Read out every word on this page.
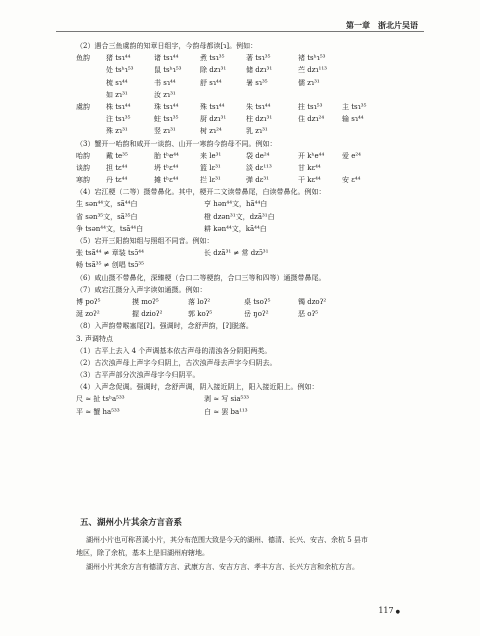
第一章　浙北片吴语
（2）遇合三鱼虞韵的知章日组字，今韵母都读[ɿ]。例如：
鱼韵 猪 tsɿ⁴⁴	诸 tsɿ⁴⁴	煮 tsɿ³⁵	著 tsɿ³⁵	褚 tsʰɿ⁵³
处 tsʰɿ⁵³	鼠 tsʰɿ⁵³	除 dzɿ³¹	储 dzɿ³¹	苎 dzɿ¹¹³
梳 sɿ⁴⁴	书 sɿ⁴⁴	舒 sɿ⁴⁴	暑 sɿ³⁵	儒 zɿ³¹
如 zɿ³¹	汝 zɿ³¹
虞韵 株 tsɿ⁴⁴	珠 tsɿ⁴⁴	殊 tsɿ⁴⁴	朱 tsɿ⁴⁴	拄 tsɿ⁵³	主 tsɿ³⁵
注 tsɿ³⁵	蛀 tsɿ³⁵	厨 dzɿ³¹	柱 dzɿ³¹	住 dzɿ²⁴	输 sɿ⁴⁴
殊 zɿ³¹	竖 zɿ³¹	树 zɿ²⁴	乳 zɿ³¹
（3）蟹开一咍韵和咸开一谈韵、山开一寒韵今韵母不同。例如：
咍韵 戴 te³⁵	胎 tʰe⁴⁴	来 le³¹	袋 de²⁴	开 kʰe⁴⁴	爱 e²⁴
谈韵 担 tɛ⁴⁴	坍 tʰɛ⁴⁴	篮 lɛ³¹	淡 dɛ¹¹³	甘 kɛ⁴⁴
寒韵 丹 tɛ⁴⁴	摊 tʰɛ⁴⁴	拦 lɛ³¹	弹 dɛ³¹	干 kɛ⁴⁴	安 ɛ⁴⁴
（4）宕江梗（二等）摄带鼻化。其中，梗开二文读带鼻尾，白读带鼻化。例如：
生 sən⁴⁴文，sã⁴⁴白	亨 hən⁴⁴文，hã⁴⁴白
省 sən³⁵文，sã³⁵白	橙 dzən³¹文，dzã³¹白
争 tsən⁴⁴文，tsã⁴⁴白	耕 kən⁴⁴文，kã⁴⁴白
（5）宕开三阳韵知组与照组不同音。例如：
张 tsã⁴⁴ ≠ 章装 tsɔ̃⁴⁴	长 dzã³¹ ≠ 常 dzɔ̃³¹
畅 tsã³⁵ ≠ 创唱 tsɔ̃³⁵
（6）咸山摄不带鼻化，深臻梗（合口二等梗韵，合口三等和四等）通摄带鼻尾。
（7）咸宕江摄分入声字读如通摄。例如：
博 poʔ⁵	摸 moʔ⁵	落 loʔ²	桌 tsoʔ⁵	镯 dzoʔ²
涎 zoʔ²	握 dzioʔ²	郭 koʔ⁵	岳 ŋoʔ²	恶 oʔ⁵
（8）入声韵带喉塞尾[ʔ]。强调时，念舒声韵，[ʔ]脱落。
3. 声调特点
（1）古平上去入 4 个声调基本依古声母的清浊各分阴阳两类。
（2）古次浊声母上声字今归阴上，古次浊声母去声字今归阴去。
（3）古平声部分次浊声母字今归阴平。
（4）入声念促调。强调时，念舒声调，阴入接近阴上，阳入接近阳上。例如：
尺 ≈ 扯 tsʰa⁵³³	剥 ≈ 写 sia⁵³³
平 ≈ 蟹 ha⁵³³	白 ≈ 罢 ba¹¹³
五、湖州小片其余方言音系
湖州小片也可称苕溪小片，其分布范围大致是今天的湖州、德清、长兴、安吉、余杭 5 县市
地区，除了余杭，基本上是旧湖州府辖地。
湖州小片其余方言有德清方言、武康方言、安吉方言、孝丰方言、长兴方言和余杭方言。
117 ●
